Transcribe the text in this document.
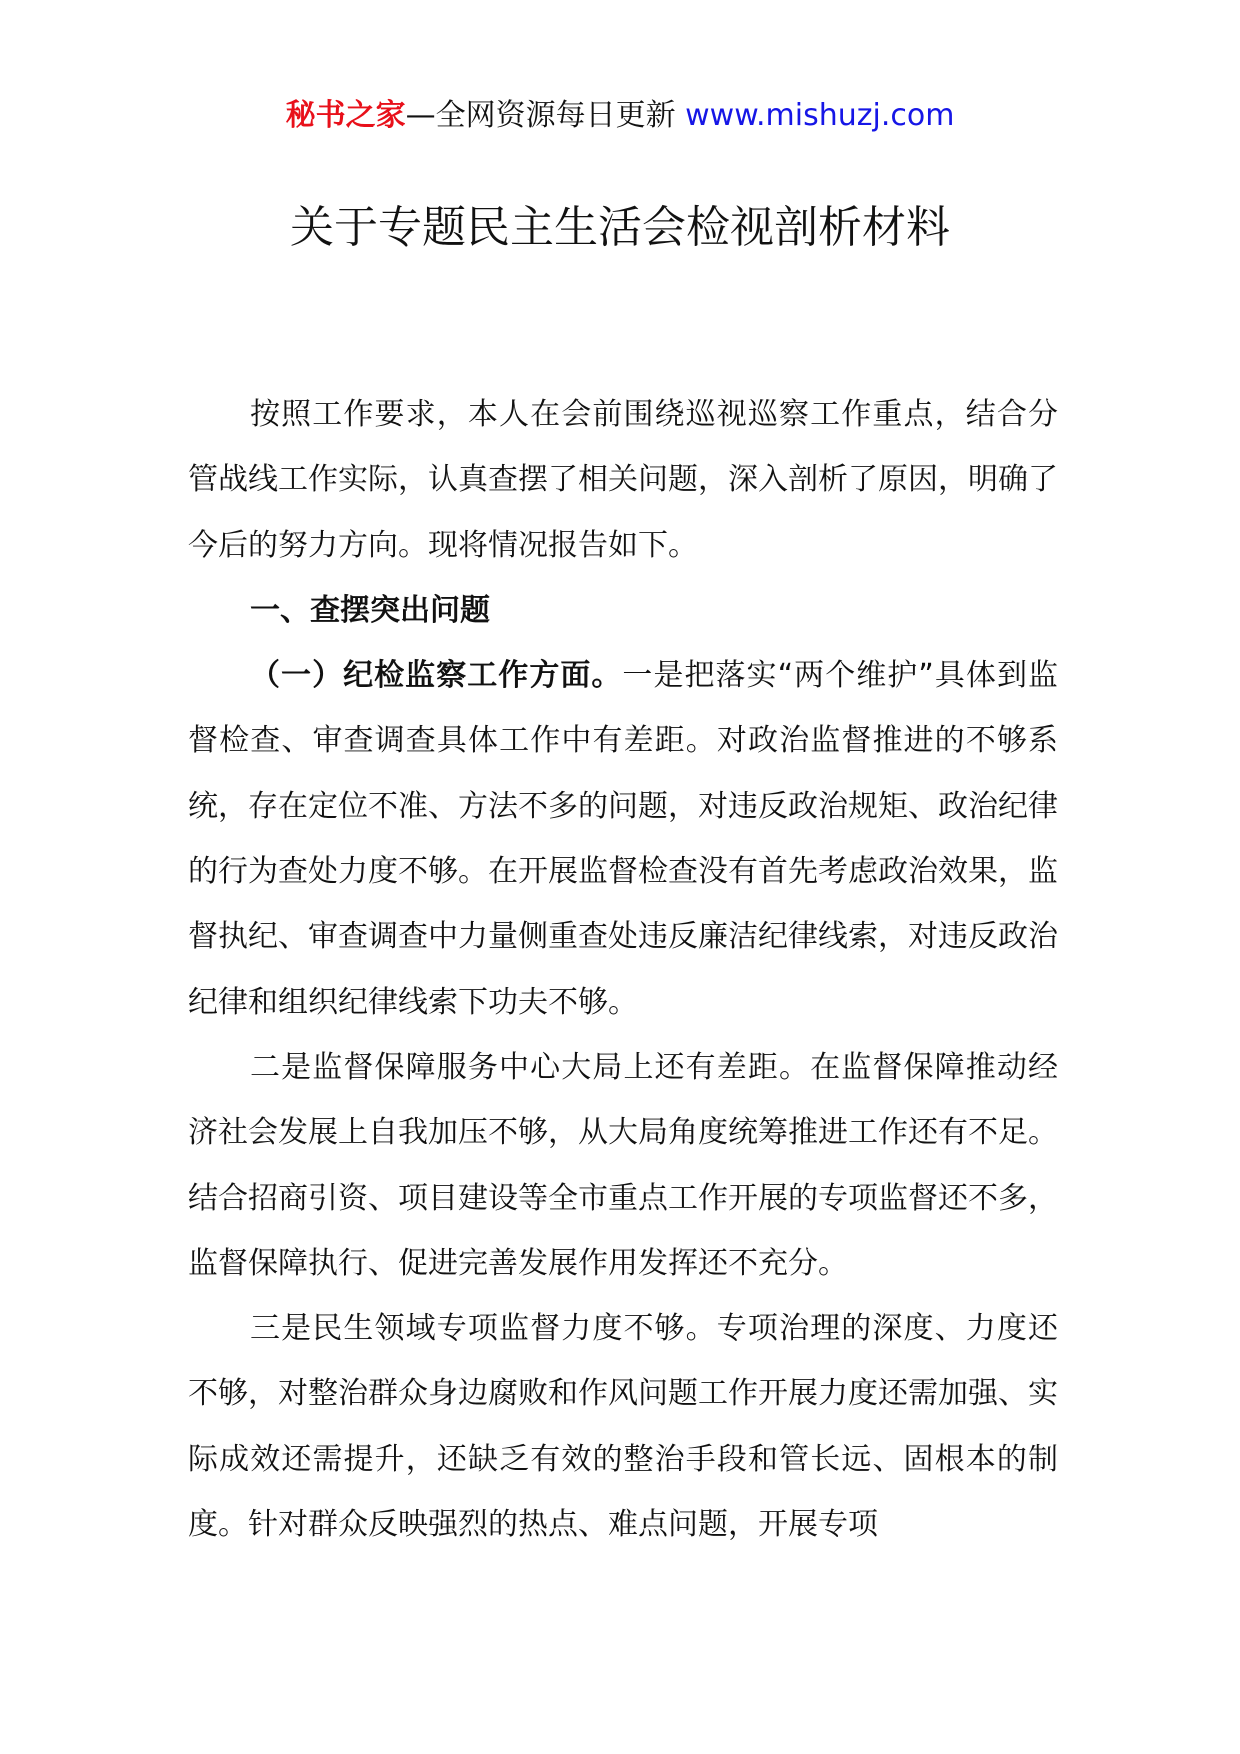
秘书之家—全网资源每日更新 www.mishuzj.com
关于专题民主生活会检视剖析材料

按照工作要求，本人在会前围绕巡视巡察工作重点，结合分管战线工作实际，认真查摆了相关问题，深入剖析了原因，明确了今后的努力方向。现将情况报告如下。

一、查摆突出问题

（一）纪检监察工作方面。一是把落实“两个维护”具体到监督检查、审查调查具体工作中有差距。对政治监督推进的不够系统，存在定位不准、方法不多的问题，对违反政治规矩、政治纪律的行为查处力度不够。在开展监督检查没有首先考虑政治效果，监督执纪、审查调查中力量侧重查处违反廉洁纪律线索，对违反政治纪律和组织纪律线索下功夫不够。

二是监督保障服务中心大局上还有差距。在监督保障推动经济社会发展上自我加压不够，从大局角度统筹推进工作还有不足。结合招商引资、项目建设等全市重点工作开展的专项监督还不多，监督保障执行、促进完善发展作用发挥还不充分。

三是民生领域专项监督力度不够。专项治理的深度、力度还不够，对整治群众身边腐败和作风问题工作开展力度还需加强、实际成效还需提升，还缺乏有效的整治手段和管长远、固根本的制度。针对群众反映强烈的热点、难点问题，开展专项
